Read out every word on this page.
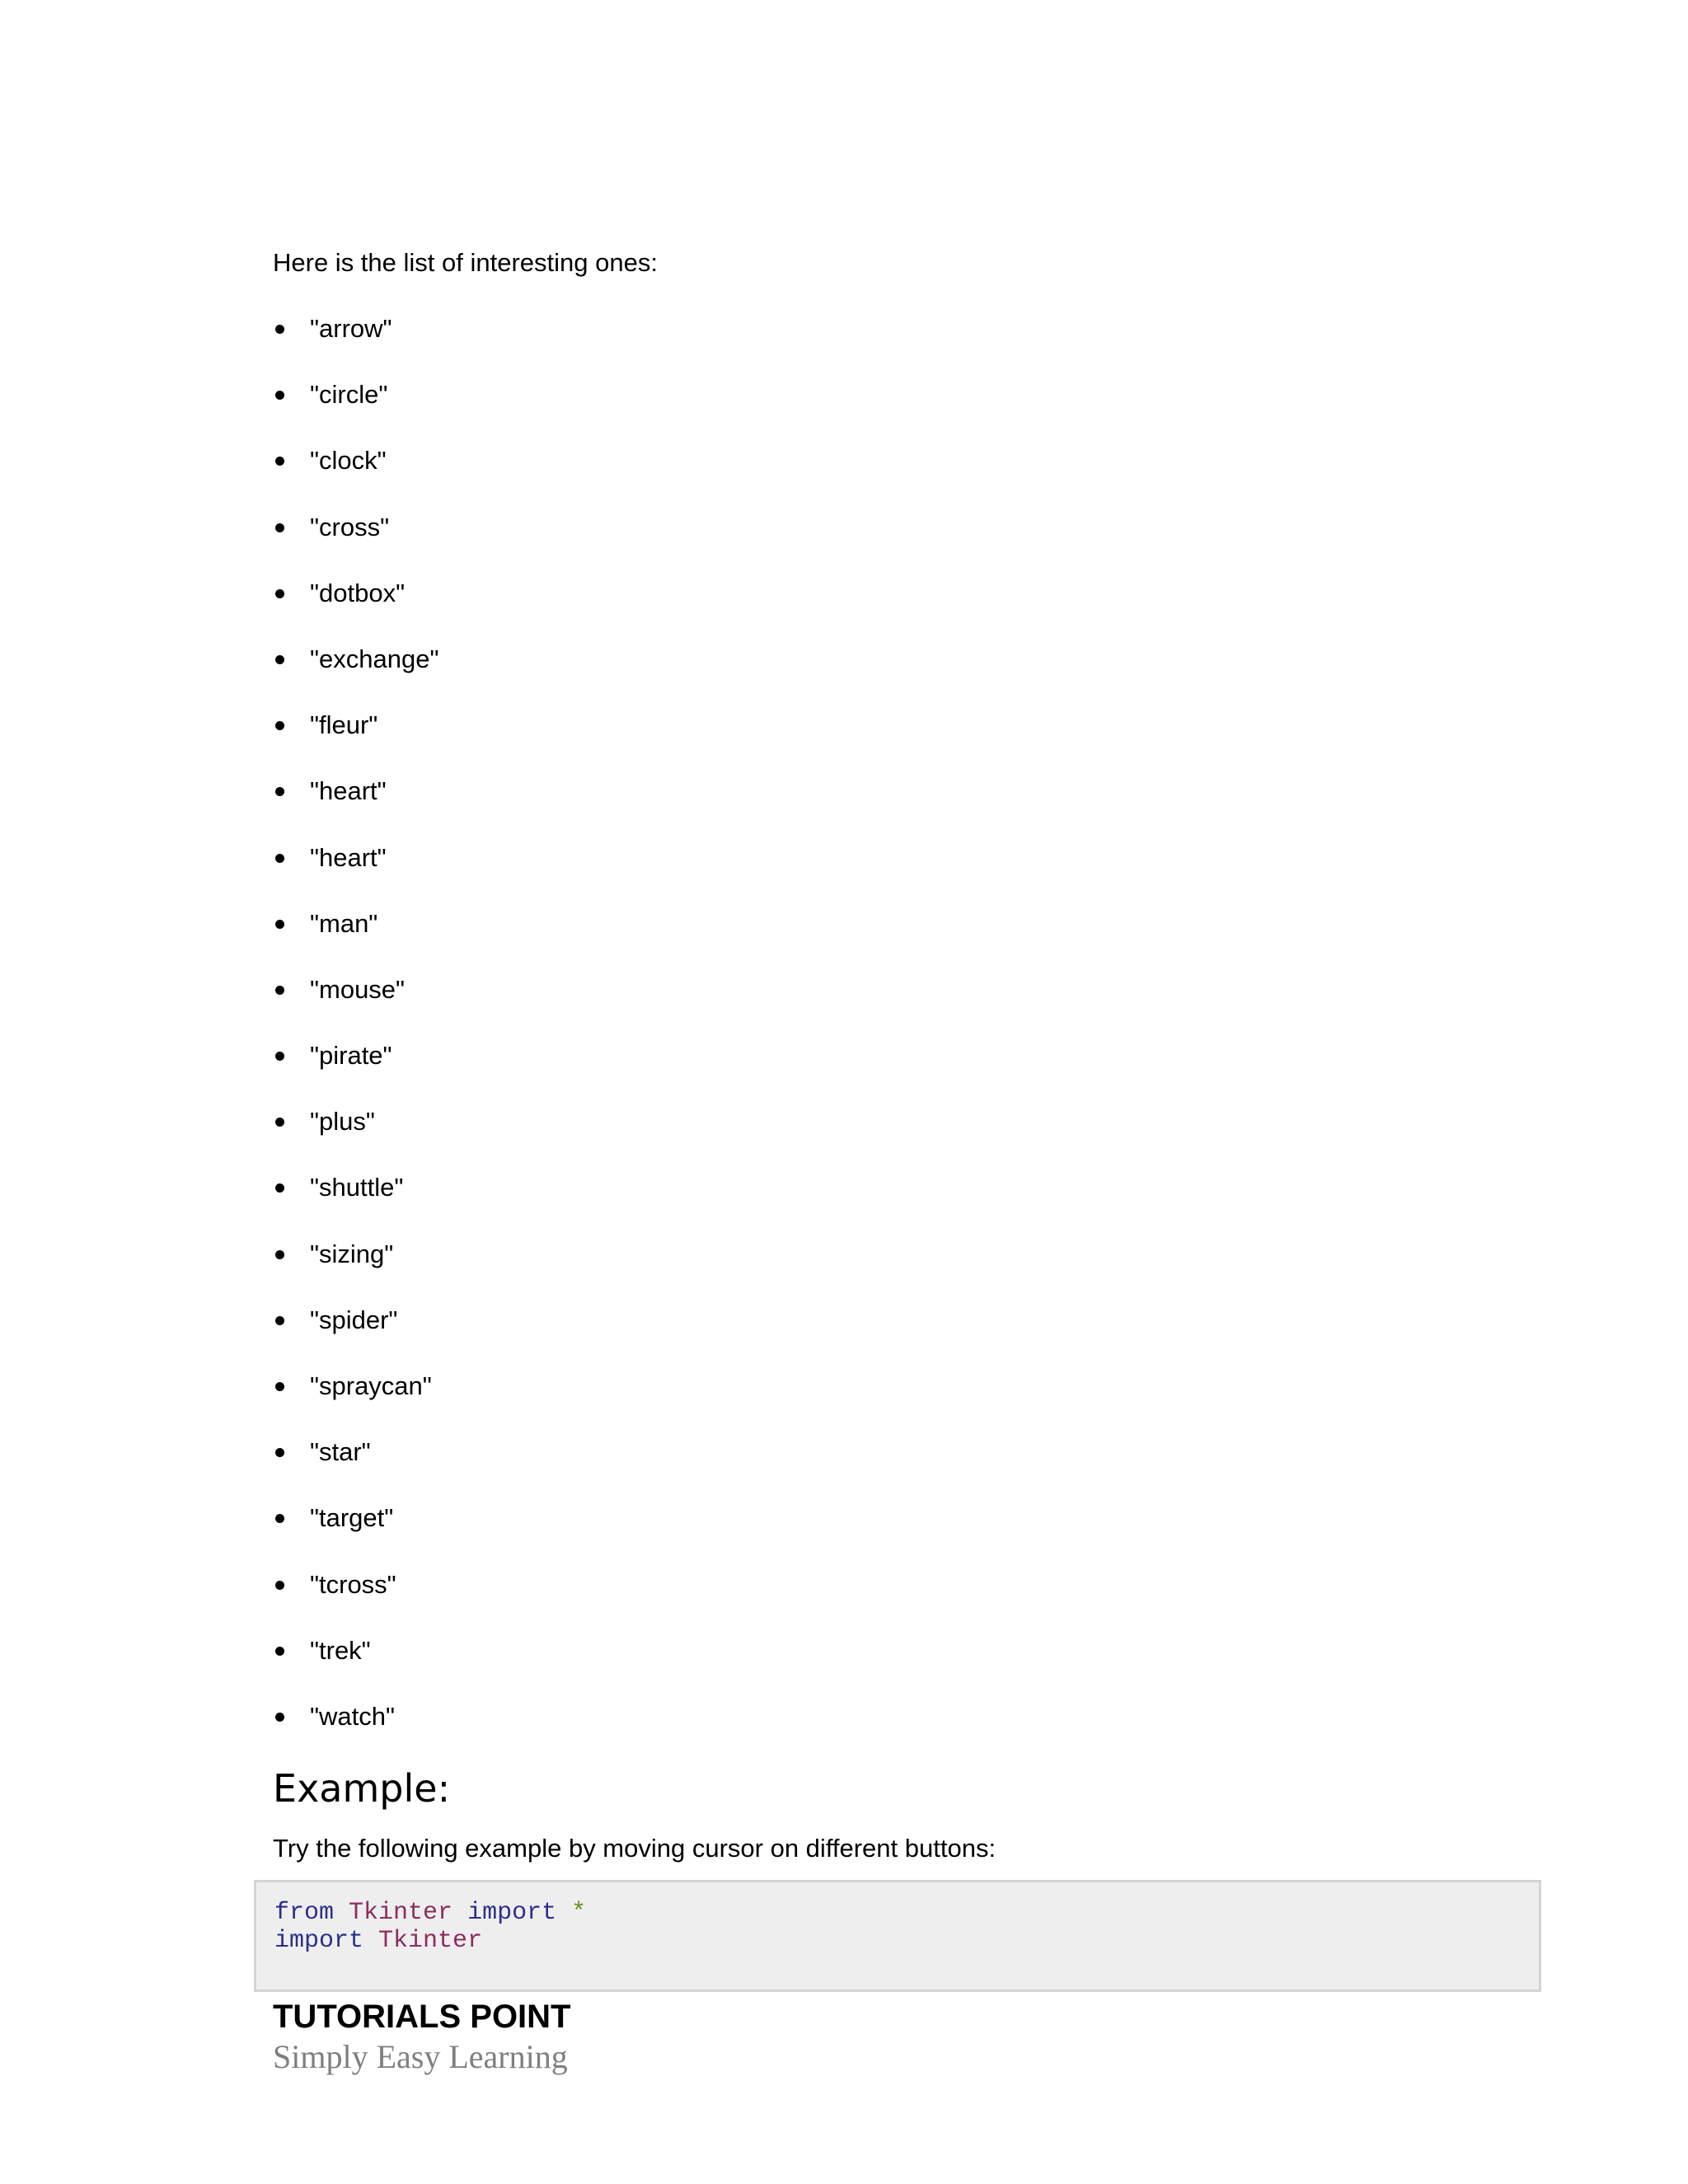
Here is the list of interesting ones:

"arrow"
"circle"
"clock"
"cross"
"dotbox"
"exchange"
"fleur"
"heart"
"heart"
"man"
"mouse"
"pirate"
"plus"
"shuttle"
"sizing"
"spider"
"spraycan"
"star"
"target"
"tcross"
"trek"
"watch"
Example:

Try the following example by moving cursor on different buttons:

from Tkinter import *
import Tkinter
TUTORIALS POINT
Simply Easy Learning
